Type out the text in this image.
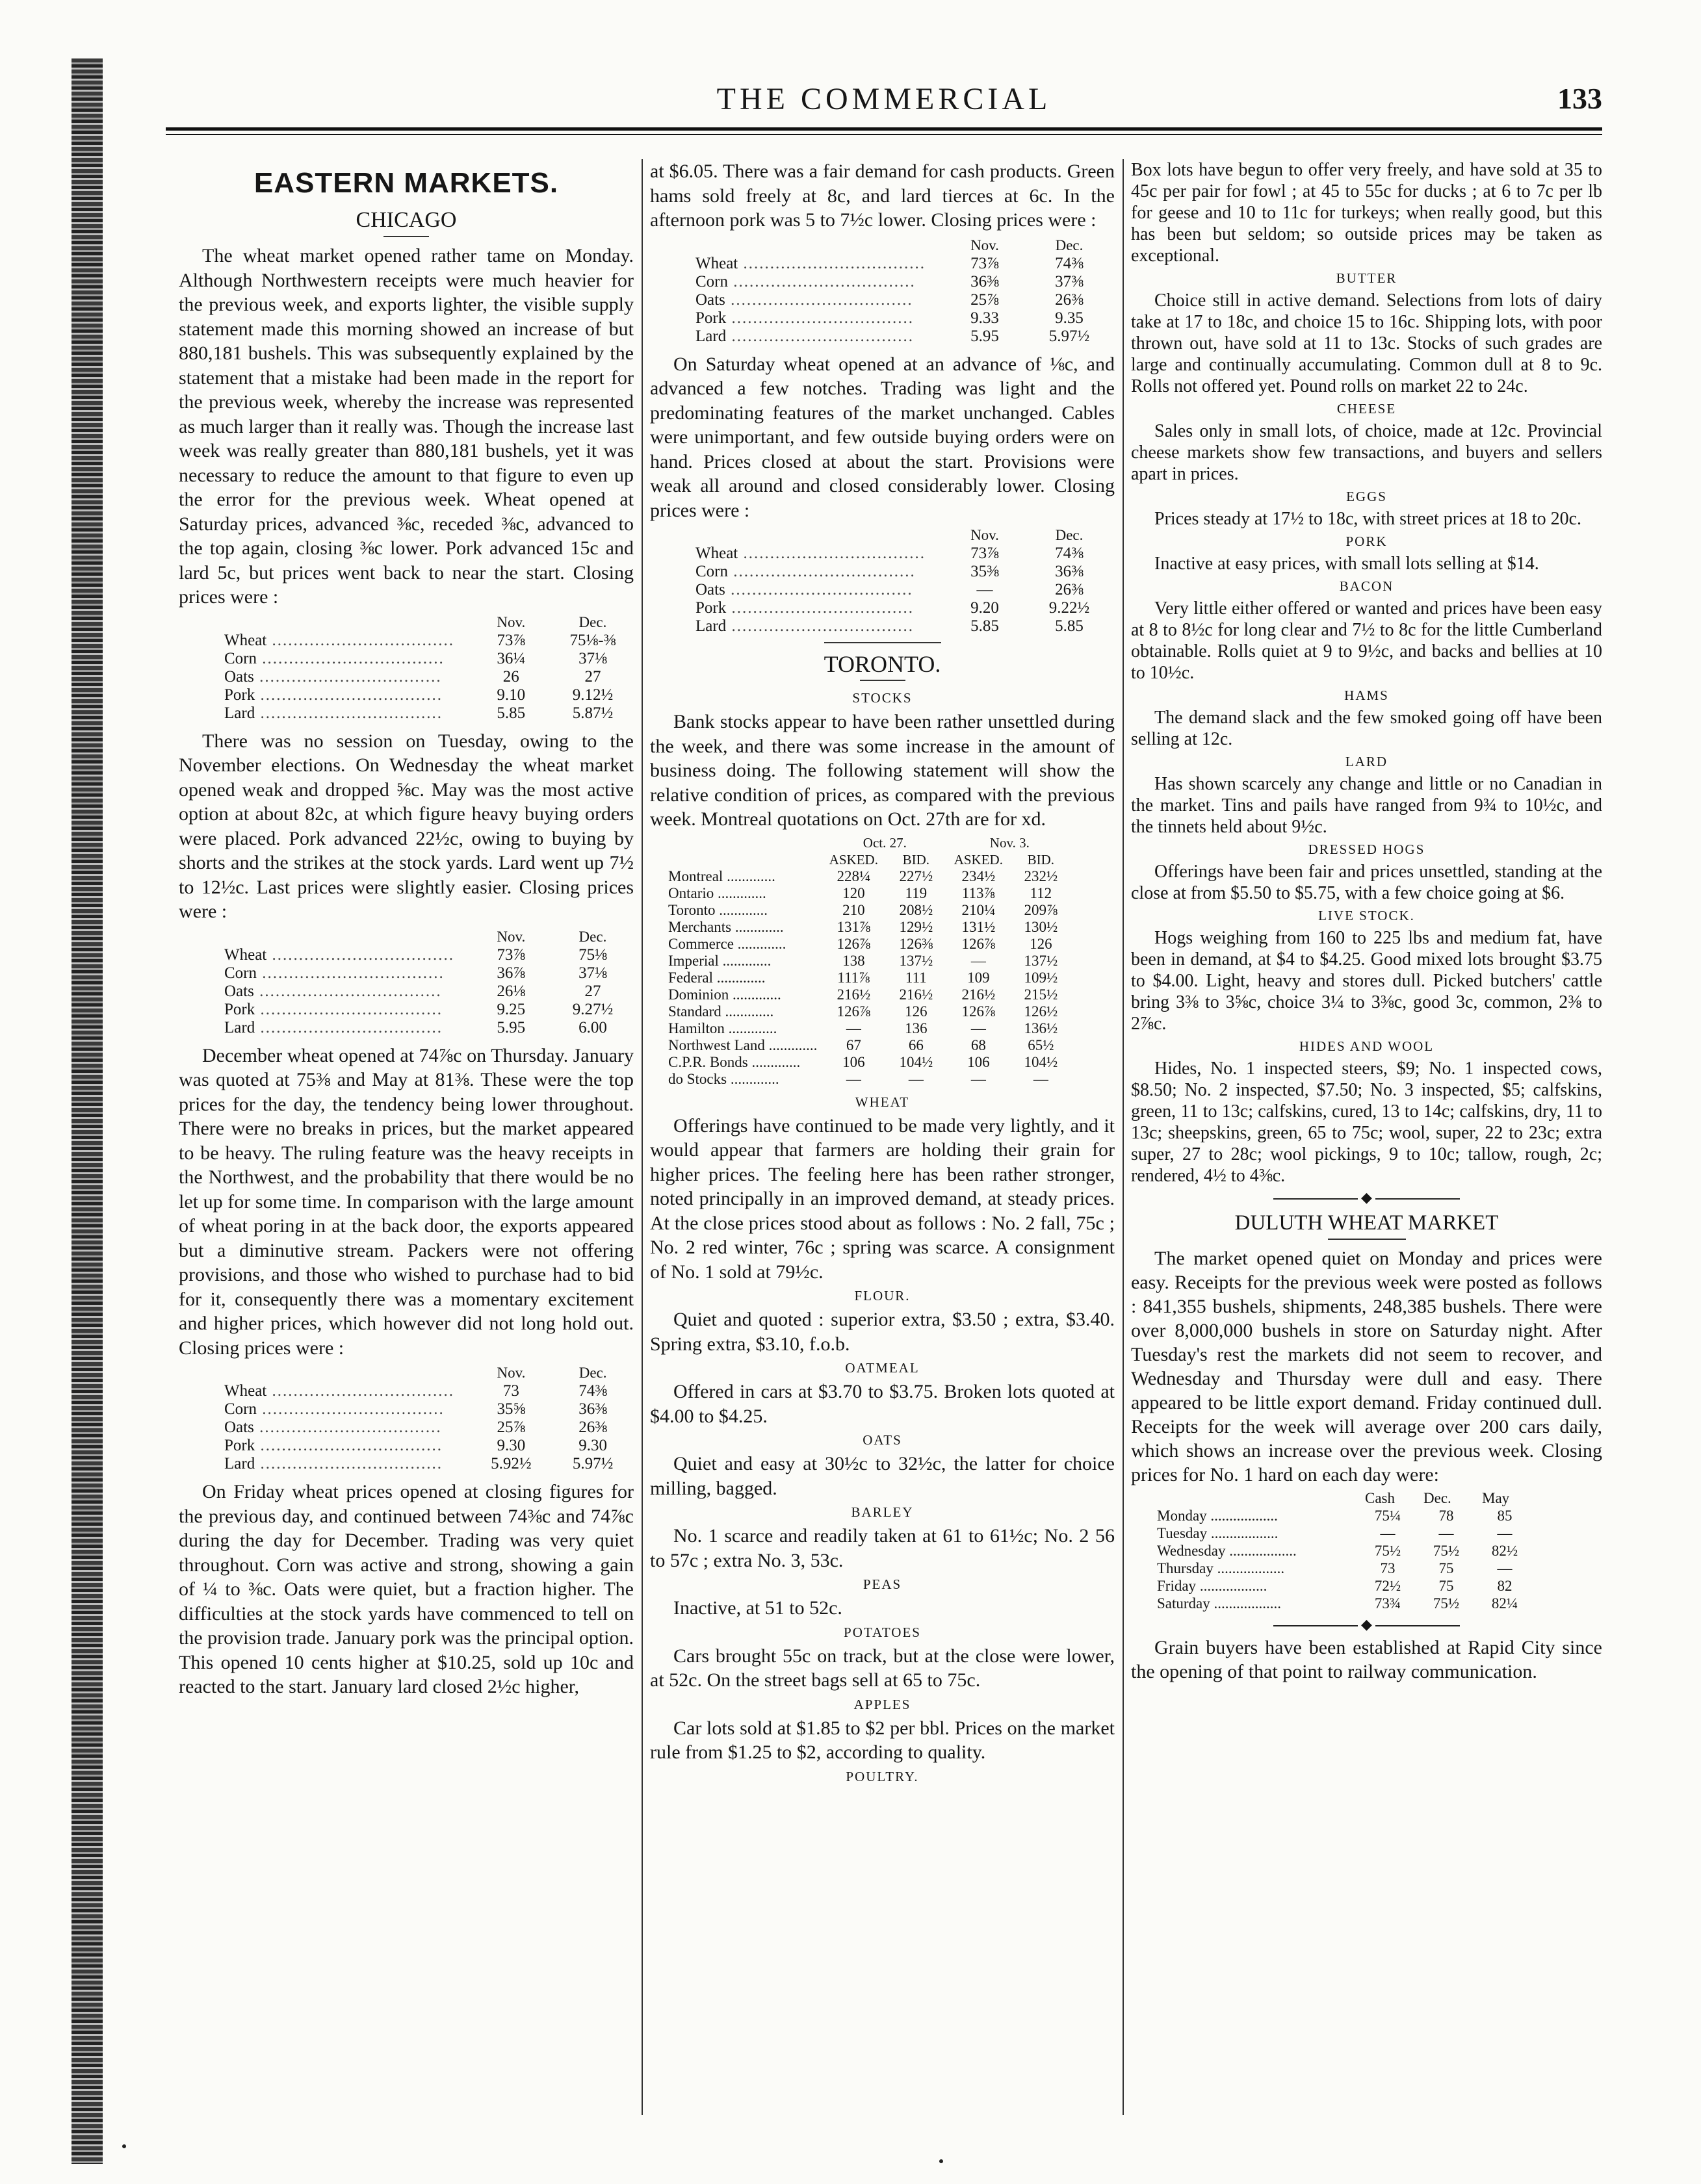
THE COMMERCIAL	133
EASTERN MARKETS.
CHICAGO

The wheat market opened rather tame on Monday. Although Northwestern receipts were much heavier for the previous week, and exports lighter, the visible supply statement made this morning showed an increase of but 880,181 bushels. This was subsequently explained by the statement that a mistake had been made in the report for the previous week, whereby the increase was represented as much larger than it really was. Though the increase last week was really greater than 880,181 bushels, yet it was necessary to reduce the amount to that figure to even up the error for the previous week. Wheat opened at Saturday prices, advanced ⅜c, receded ⅜c, advanced to the top again, closing ⅜c lower. Pork advanced 15c and lard 5c, but prices went back to near the start. Closing prices were :

	Nov.	Dec.
Wheat ..................................	73⅞	75⅛-⅜
Corn ..................................	36¼	37⅛
Oats ..................................	26	27
Pork ..................................	9.10	9.12½
Lard ..................................	5.85	5.87½

There was no session on Tuesday, owing to the November elections. On Wednesday the wheat market opened weak and dropped ⅝c. May was the most active option at about 82c, at which figure heavy buying orders were placed. Pork advanced 22½c, owing to buying by shorts and the strikes at the stock yards. Lard went up 7½ to 12½c. Last prices were slightly easier. Closing prices were :

	Nov.	Dec.
Wheat ..................................	73⅞	75⅛
Corn ..................................	36⅞	37⅛
Oats ..................................	26⅛	27
Pork ..................................	9.25	9.27½
Lard ..................................	5.95	6.00

December wheat opened at 74⅞c on Thursday. January was quoted at 75⅜ and May at 81⅜. These were the top prices for the day, the tendency being lower throughout. There were no breaks in prices, but the market appeared to be heavy. The ruling feature was the heavy receipts in the Northwest, and the probability that there would be no let up for some time. In comparison with the large amount of wheat poring in at the back door, the exports appeared but a diminutive stream. Packers were not offering provisions, and those who wished to purchase had to bid for it, consequently there was a momentary excitement and higher prices, which however did not long hold out. Closing prices were :

	Nov.	Dec.
Wheat ..................................	73	74⅜
Corn ..................................	35⅝	36⅜
Oats ..................................	25⅞	26⅜
Pork ..................................	9.30	9.30
Lard ..................................	5.92½	5.97½

On Friday wheat prices opened at closing figures for the previous day, and continued between 74⅜c and 74⅞c during the day for December. Trading was very quiet throughout. Corn was active and strong, showing a gain of ¼ to ⅜c. Oats were quiet, but a fraction higher. The difficulties at the stock yards have commenced to tell on the provision trade. January pork was the principal option. This opened 10 cents higher at $10.25, sold up 10c and reacted to the start. January lard closed 2½c higher,

at $6.05. There was a fair demand for cash products. Green hams sold freely at 8c, and lard tierces at 6c. In the afternoon pork was 5 to 7½c lower. Closing prices were :

	Nov.	Dec.
Wheat ..................................	73⅞	74⅜
Corn ..................................	36⅜	37⅜
Oats ..................................	25⅞	26⅜
Pork ..................................	9.33	9.35
Lard ..................................	5.95	5.97½

On Saturday wheat opened at an advance of ⅛c, and advanced a few notches. Trading was light and the predominating features of the market unchanged. Cables were unimportant, and few outside buying orders were on hand. Prices closed at about the start. Provisions were weak all around and closed considerably lower. Closing prices were :

	Nov.	Dec.
Wheat ..................................	73⅞	74⅜
Corn ..................................	35⅜	36⅜
Oats ..................................	—	26⅜
Pork ..................................	9.20	9.22½
Lard ..................................	5.85	5.85
TORONTO.
STOCKS

Bank stocks appear to have been rather unsettled during the week, and there was some increase in the amount of business doing. The following statement will show the relative condition of prices, as compared with the previous week. Montreal quotations on Oct. 27th are for xd.

	Oct. 27.		Nov. 3.	
	ASKED.	BID.	ASKED.	BID.
Montreal .............	228¼	227½	234½	232½
Ontario .............	120	119	113⅞	112
Toronto .............	210	208½	210¼	209⅞
Merchants .............	131⅞	129½	131½	130½
Commerce .............	126⅞	126⅜	126⅞	126
Imperial .............	138	137½	—	137½
Federal .............	111⅞	111	109	109½
Dominion .............	216½	216½	216½	215½
Standard .............	126⅞	126	126⅞	126½
Hamilton .............	—	136	—	136½
Northwest Land .............	67	66	68	65½
C.P.R. Bonds .............	106	104½	106	104½
do Stocks .............	—	—	—	—
WHEAT

Offerings have continued to be made very lightly, and it would appear that farmers are holding their grain for higher prices. The feeling here has been rather stronger, noted principally in an improved demand, at steady prices. At the close prices stood about as follows : No. 2 fall, 75c ; No. 2 red winter, 76c ; spring was scarce. A consignment of No. 1 sold at 79½c.

FLOUR.

Quiet and quoted : superior extra, $3.50 ; extra, $3.40. Spring extra, $3.10, f.o.b.

OATMEAL

Offered in cars at $3.70 to $3.75. Broken lots quoted at $4.00 to $4.25.

OATS

Quiet and easy at 30½c to 32½c, the latter for choice milling, bagged.

BARLEY

No. 1 scarce and readily taken at 61 to 61½c; No. 2 56 to 57c ; extra No. 3, 53c.

PEAS

Inactive, at 51 to 52c.

POTATOES

Cars brought 55c on track, but at the close were lower, at 52c. On the street bags sell at 65 to 75c.

APPLES

Car lots sold at $1.85 to $2 per bbl. Prices on the market rule from $1.25 to $2, according to quality.

POULTRY.

Box lots have begun to offer very freely, and have sold at 35 to 45c per pair for fowl ; at 45 to 55c for ducks ; at 6 to 7c per lb for geese and 10 to 11c for turkeys; when really good, but this has been but seldom; so outside prices may be taken as exceptional.

BUTTER

Choice still in active demand. Selections from lots of dairy take at 17 to 18c, and choice 15 to 16c. Shipping lots, with poor thrown out, have sold at 11 to 13c. Stocks of such grades are large and continually accumulating. Common dull at 8 to 9c. Rolls not offered yet. Pound rolls on market 22 to 24c.

CHEESE

Sales only in small lots, of choice, made at 12c. Provincial cheese markets show few transactions, and buyers and sellers apart in prices.

EGGS

Prices steady at 17½ to 18c, with street prices at 18 to 20c.

PORK

Inactive at easy prices, with small lots selling at $14.

BACON

Very little either offered or wanted and prices have been easy at 8 to 8½c for long clear and 7½ to 8c for the little Cumberland obtainable. Rolls quiet at 9 to 9½c, and backs and bellies at 10 to 10½c.

HAMS

The demand slack and the few smoked going off have been selling at 12c.

LARD

Has shown scarcely any change and little or no Canadian in the market. Tins and pails have ranged from 9¾ to 10½c, and the tinnets held about 9½c.

DRESSED HOGS

Offerings have been fair and prices unsettled, standing at the close at from $5.50 to $5.75, with a few choice going at $6.

LIVE STOCK.

Hogs weighing from 160 to 225 lbs and medium fat, have been in demand, at $4 to $4.25. Good mixed lots brought $3.75 to $4.00. Light, heavy and stores dull. Picked butchers' cattle bring 3⅜ to 3⅝c, choice 3¼ to 3⅜c, good 3c, common, 2⅜ to 2⅞c.

HIDES AND WOOL

Hides, No. 1 inspected steers, $9; No. 1 inspected cows, $8.50; No. 2 inspected, $7.50; No. 3 inspected, $5; calfskins, green, 11 to 13c; calfskins, cured, 13 to 14c; calfskins, dry, 11 to 13c; sheepskins, green, 65 to 75c; wool, super, 22 to 23c; extra super, 27 to 28c; wool pickings, 9 to 10c; tallow, rough, 2c; rendered, 4½ to 4⅜c.

◆
DULUTH WHEAT MARKET

The market opened quiet on Monday and prices were easy. Receipts for the previous week were posted as follows : 841,355 bushels, shipments, 248,385 bushels. There were over 8,000,000 bushels in store on Saturday night. After Tuesday's rest the markets did not seem to recover, and Wednesday and Thursday were dull and easy. There appeared to be little export demand. Friday continued dull. Receipts for the week will average over 200 cars daily, which shows an increase over the previous week. Closing prices for No. 1 hard on each day were:

	Cash	Dec.	May
Monday ..................	75¼	78	85
Tuesday ..................	—	—	—
Wednesday ..................	75½	75½	82½
Thursday ..................	73	75	—
Friday ..................	72½	75	82
Saturday ..................	73¾	75½	82¼
◆

Grain buyers have been established at Rapid City since the opening of that point to railway communication.
